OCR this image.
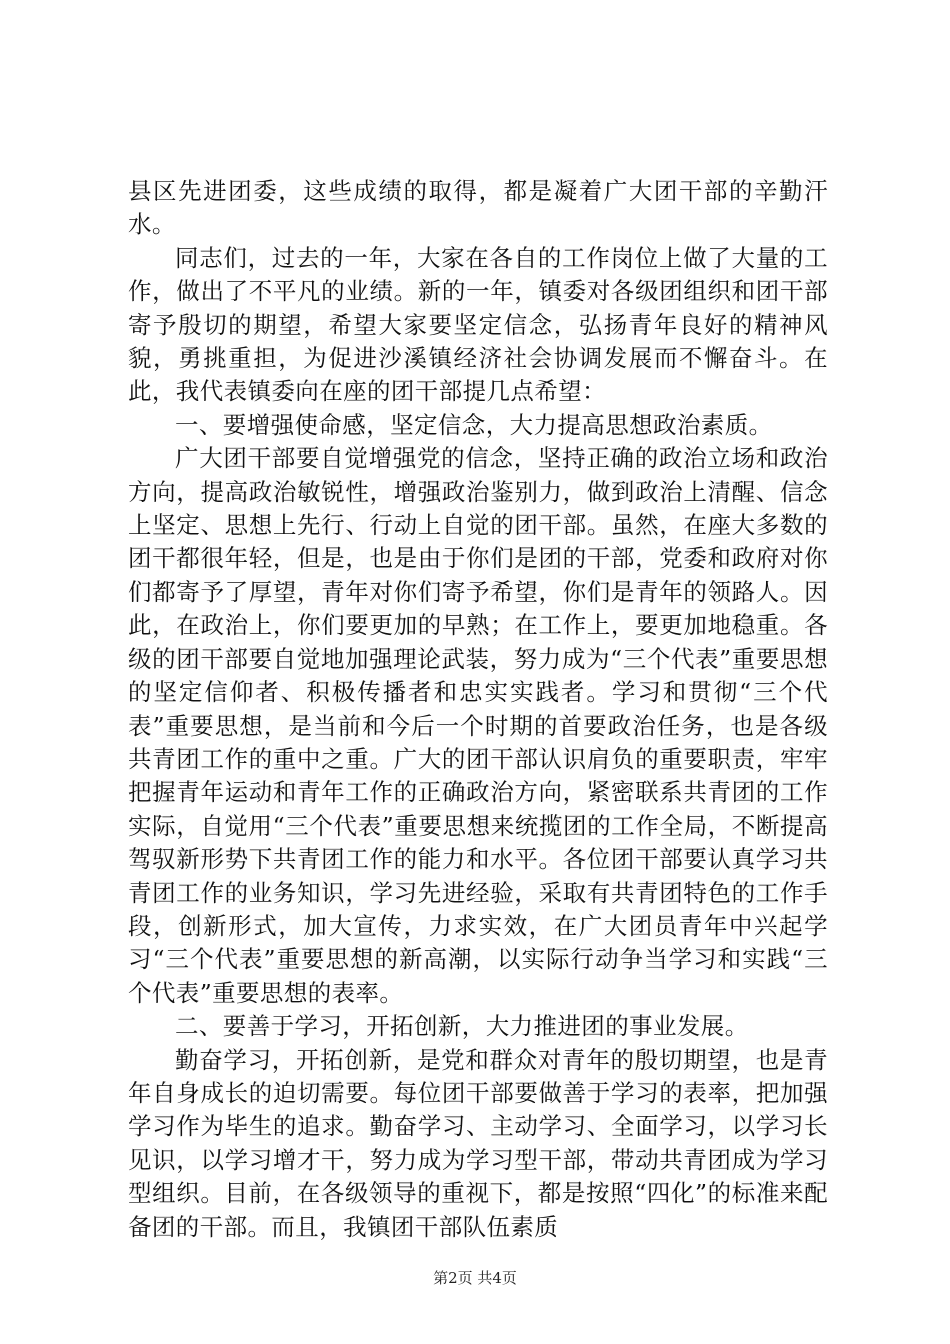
县区先进团委，这些成绩的取得，都是凝着广大团干部的辛勤汗水。

同志们，过去的一年，大家在各自的工作岗位上做了大量的工作，做出了不平凡的业绩。新的一年，镇委对各级团组织和团干部寄予殷切的期望，希望大家要坚定信念，弘扬青年良好的精神风貌，勇挑重担，为促进沙溪镇经济社会协调发展而不懈奋斗。在此，我代表镇委向在座的团干部提几点希望：

一、要增强使命感，坚定信念，大力提高思想政治素质。

广大团干部要自觉增强党的信念，坚持正确的政治立场和政治方向，提高政治敏锐性，增强政治鉴别力，做到政治上清醒、信念上坚定、思想上先行、行动上自觉的团干部。虽然，在座大多数的团干都很年轻，但是，也是由于你们是团的干部，党委和政府对你们都寄予了厚望，青年对你们寄予希望，你们是青年的领路人。因此，在政治上，你们要更加的早熟；在工作上，要更加地稳重。各级的团干部要自觉地加强理论武装，努力成为“三个代表”重要思想的坚定信仰者、积极传播者和忠实实践者。学习和贯彻“三个代表”重要思想，是当前和今后一个时期的首要政治任务，也是各级共青团工作的重中之重。广大的团干部认识肩负的重要职责，牢牢把握青年运动和青年工作的正确政治方向，紧密联系共青团的工作实际，自觉用“三个代表”重要思想来统揽团的工作全局，不断提高驾驭新形势下共青团工作的能力和水平。各位团干部要认真学习共青团工作的业务知识，学习先进经验，采取有共青团特色的工作手段，创新形式，加大宣传，力求实效，在广大团员青年中兴起学习“三个代表”重要思想的新高潮，以实际行动争当学习和实践“三个代表”重要思想的表率。

二、要善于学习，开拓创新，大力推进团的事业发展。

勤奋学习，开拓创新，是党和群众对青年的殷切期望，也是青年自身成长的迫切需要。每位团干部要做善于学习的表率，把加强学习作为毕生的追求。勤奋学习、主动学习、全面学习，以学习长见识，以学习增才干，努力成为学习型干部，带动共青团成为学习型组织。目前，在各级领导的重视下，都是按照“四化”的标准来配备团的干部。而且，我镇团干部队伍素质

第2页 共4页
